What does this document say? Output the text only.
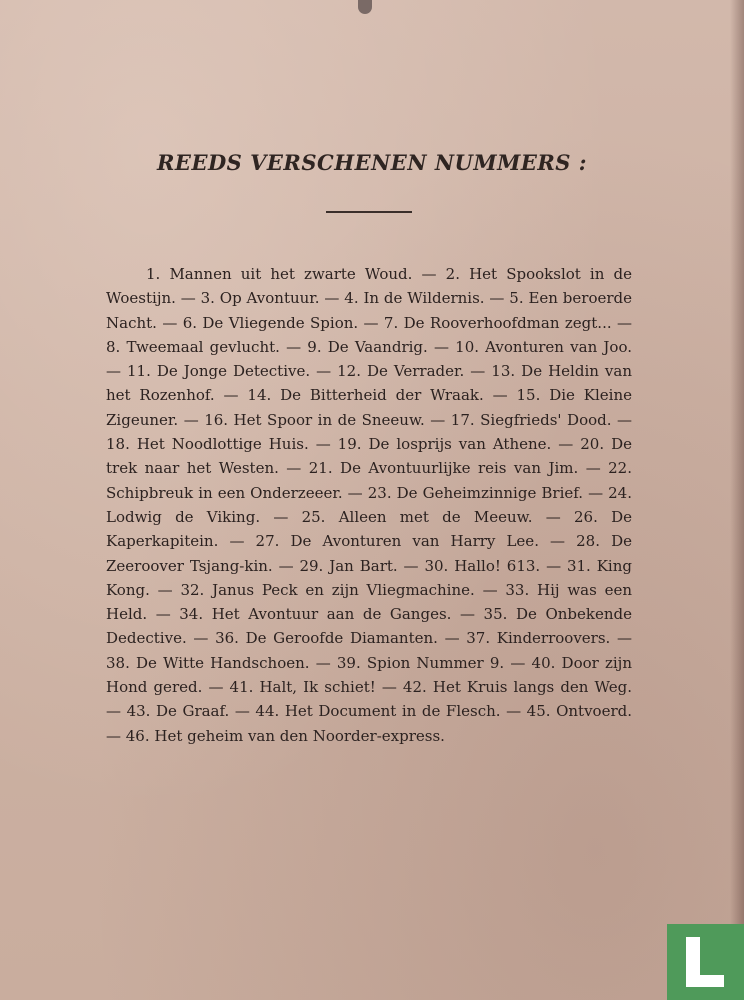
REEDS VERSCHENEN NUMMERS :

1. Mannen uit het zwarte Woud. — 2. Het Spookslot in de Woestijn. — 3. Op Avontuur. — 4. In de Wildernis. — 5. Een beroerde Nacht. — 6. De Vliegende Spion. — 7. De Rooverhoofdman zegt... — 8. Tweemaal gevlucht. — 9. De Vaandrig. — 10. Avonturen van Joo. — 11. De Jonge Detective. — 12. De Verrader. — 13. De Heldin van het Rozenhof. — 14. De Bitterheid der Wraak. — 15. Die Kleine Zigeuner. — 16. Het Spoor in de Sneeuw. — 17. Siegfrieds' Dood. — 18. Het Noodlottige Huis. — 19. De losprijs van Athene. — 20. De trek naar het Westen. — 21. De Avontuurlijke reis van Jim. — 22. Schipbreuk in een Onderzeeer. — 23. De Geheimzinnige Brief. — 24. Lodwig de Viking. — 25. Alleen met de Meeuw. — 26. De Kaperkapitein. — 27. De Avonturen van Harry Lee. — 28. De Zeeroover Tsjang-kin. — 29. Jan Bart. — 30. Hallo! 613. — 31. King Kong. — 32. Janus Peck en zijn Vliegmachine. — 33. Hij was een Held. — 34. Het Avontuur aan de Ganges. — 35. De Onbekende Dedective. — 36. De Geroofde Diamanten. — 37. Kinderroovers. — 38. De Witte Handschoen. — 39. Spion Nummer 9. — 40. Door zijn Hond gered. — 41. Halt, Ik schiet! — 42. Het Kruis langs den Weg. — 43. De Graaf. — 44. Het Document in de Flesch. — 45. Ontvoerd. — 46. Het geheim van den Noorder-express.
